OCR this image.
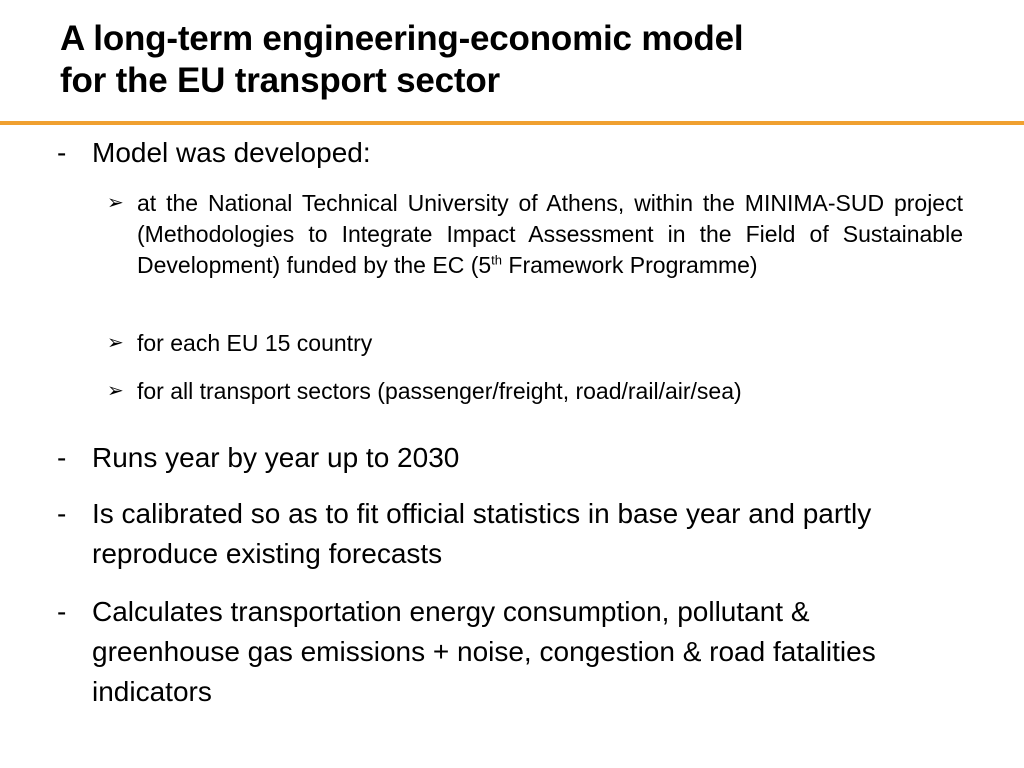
A long-term engineering-economic model
for the EU transport sector
- Model was developed:
➢ at the National Technical University of Athens, within the MINIMA-SUD project (Methodologies to Integrate Impact Assessment in the Field of Sustainable Development) funded by the EC (5th Framework Programme)
➢ for each EU 15 country
➢ for all transport sectors (passenger/freight, road/rail/air/sea)
- Runs year by year up to 2030
- Is calibrated so as to fit official statistics in base year and partly reproduce existing forecasts
- Calculates transportation energy consumption, pollutant & greenhouse gas emissions + noise, congestion & road fatalities indicators
